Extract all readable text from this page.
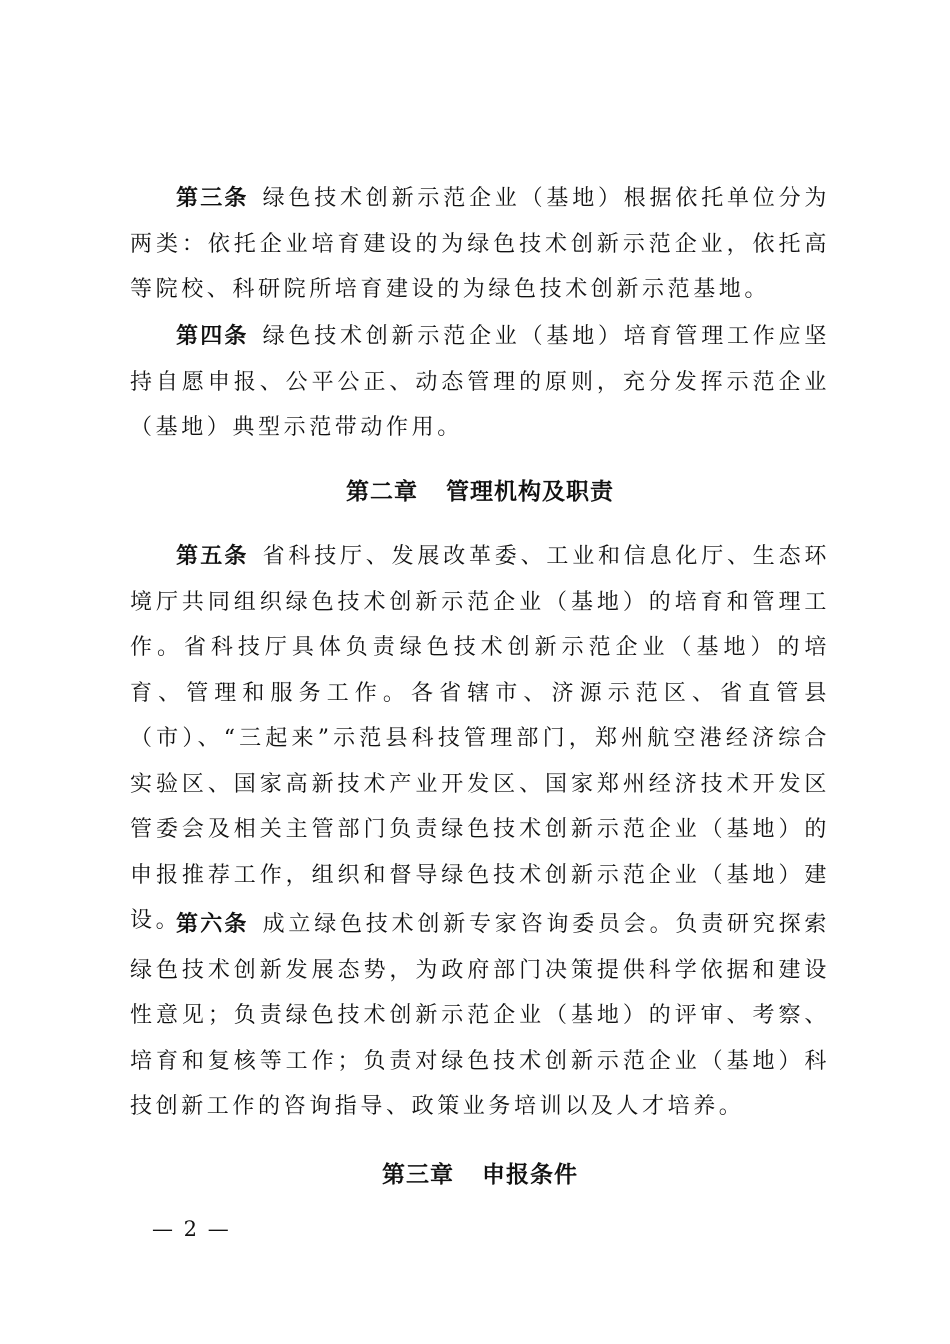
第三条 绿色技术创新示范企业（基地）根据依托单位分为两类：依托企业培育建设的为绿色技术创新示范企业，依托高等院校、科研院所培育建设的为绿色技术创新示范基地。

第四条 绿色技术创新示范企业（基地）培育管理工作应坚持自愿申报、公平公正、动态管理的原则，充分发挥示范企业（基地）典型示范带动作用。

第二章 管理机构及职责

第五条 省科技厅、发展改革委、工业和信息化厅、生态环境厅共同组织绿色技术创新示范企业（基地）的培育和管理工作。省科技厅具体负责绿色技术创新示范企业（基地）的培育、管理和服务工作。各省辖市、济源示范区、省直管县（市）、“三起来”示范县科技管理部门，郑州航空港经济综合实验区、国家高新技术产业开发区、国家郑州经济技术开发区管委会及相关主管部门负责绿色技术创新示范企业（基地）的申报推荐工作，组织和督导绿色技术创新示范企业（基地）建设。

第六条 成立绿色技术创新专家咨询委员会。负责研究探索绿色技术创新发展态势，为政府部门决策提供科学依据和建设性意见；负责绿色技术创新示范企业（基地）的评审、考察、培育和复核等工作；负责对绿色技术创新示范企业（基地）科技创新工作的咨询指导、政策业务培训以及人才培养。

第三章 申报条件
— 2 —
